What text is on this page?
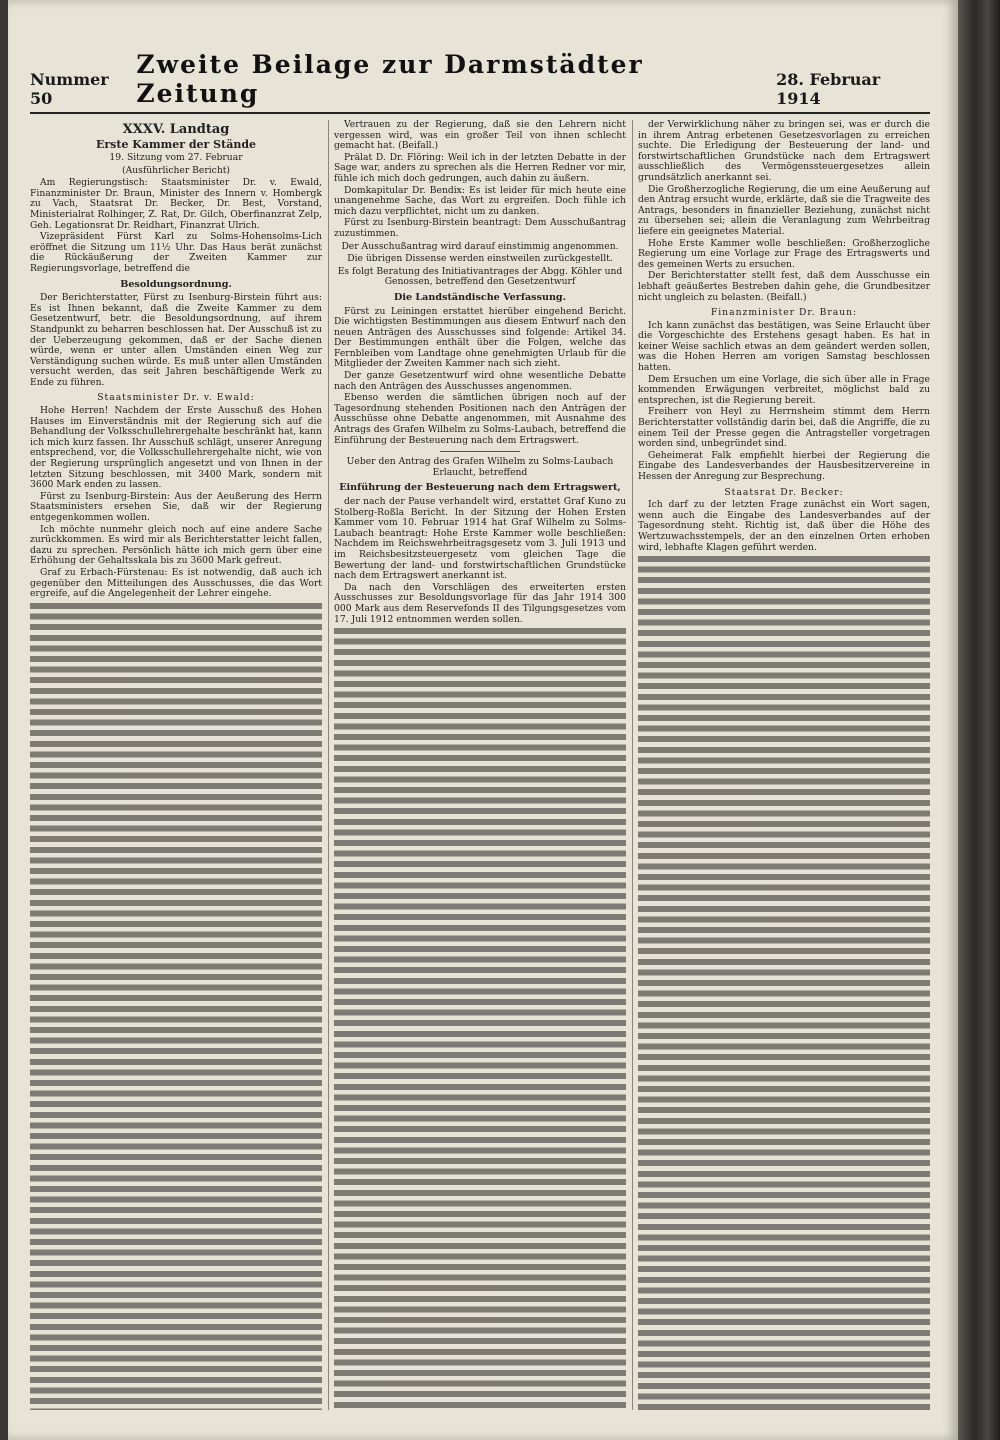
Nummer 50
Zweite Beilage zur Darmstädter Zeitung	28. Februar 1914
XXXV. Landtag
Erste Kammer der Stände
19. Sitzung vom 27. Februar
(Ausführlicher Bericht)

Am Regierungstisch: Staatsminister Dr. v. Ewald, Finanzminister Dr. Braun, Minister des Innern v. Hombergk zu Vach, Staatsrat Dr. Becker, Dr. Best, Vorstand, Ministerialrat Rolhinger, Z. Rat, Dr. Gilch, Oberfinanzrat Zelp, Geh. Legationsrat Dr. Reidhart, Finanzrat Ulrich.

Vizepräsident Fürst Karl zu Solms-Hohensolms-Lich eröffnet die Sitzung um 11½ Uhr. Das Haus berät zunächst die Rückäußerung der Zweiten Kammer zur Regierungsvorlage, betreffend die

Besoldungsordnung.

Der Berichterstatter, Fürst zu Isenburg-Birstein führt aus: Es ist Ihnen bekannt, daß die Zweite Kammer zu dem Gesetzentwurf, betr. die Besoldungsordnung, auf ihrem Standpunkt zu beharren beschlossen hat. Der Ausschuß ist zu der Ueberzeugung gekommen, daß er der Sache dienen würde, wenn er unter allen Umständen einen Weg zur Verständigung suchen würde. Es muß unter allen Umständen versucht werden, das seit Jahren beschäftigende Werk zu Ende zu führen.

Staatsminister Dr. v. Ewald:

Hohe Herren! Nachdem der Erste Ausschuß des Hohen Hauses im Einverständnis mit der Regierung sich auf die Behandlung der Volksschullehrergehalte beschränkt hat, kann ich mich kurz fassen. Ihr Ausschuß schlägt, unserer Anregung entsprechend, vor, die Volksschullehrergehalte nicht, wie von der Regierung ursprünglich angesetzt und von Ihnen in der letzten Sitzung beschlossen, mit 3400 Mark, sondern mit 3600 Mark enden zu lassen.

Fürst zu Isenburg-Birstein: Aus der Aeußerung des Herrn Staatsministers ersehen Sie, daß wir der Regierung entgegenkommen wollen.

Ich möchte nunmehr gleich noch auf eine andere Sache zurückkommen. Es wird mir als Berichterstatter leicht fallen, dazu zu sprechen. Persönlich hätte ich mich gern über eine Erhöhung der Gehaltsskala bis zu 3600 Mark gefreut.

Graf zu Erbach-Fürstenau: Es ist notwendig, daß auch ich gegenüber den Mitteilungen des Ausschusses, die das Wort ergreife, auf die Angelegenheit der Lehrer eingehe.

Vertrauen zu der Regierung, daß sie den Lehrern nicht vergessen wird, was ein großer Teil von ihnen schlecht gemacht hat. (Beifall.)

Prälat D. Dr. Flöring: Weil ich in der letzten Debatte in der Sage war, anders zu sprechen als die Herren Redner vor mir, fühle ich mich doch gedrungen, auch dahin zu äußern.

Domkapitular Dr. Bendix: Es ist leider für mich heute eine unangenehme Sache, das Wort zu ergreifen. Doch fühle ich mich dazu verpflichtet, nicht um zu danken.

Fürst zu Isenburg-Birstein beantragt: Dem Ausschußantrag zuzustimmen.

Der Ausschußantrag wird darauf einstimmig angenommen.
Die übrigen Dissense werden einstweilen zurückgestellt.
Es folgt Beratung des Initiativantrages der Abgg. Köhler und Genossen, betreffend den Gesetzentwurf
Die Landständische Verfassung.

Fürst zu Leiningen erstattet hierüber eingehend Bericht. Die wichtigsten Bestimmungen aus diesem Entwurf nach den neuen Anträgen des Ausschusses sind folgende: Artikel 34. Der Bestimmungen enthält über die Folgen, welche das Fernbleiben vom Landtage ohne genehmigten Urlaub für die Mitglieder der Zweiten Kammer nach sich zieht.

Der ganze Gesetzentwurf wird ohne wesentliche Debatte nach den Anträgen des Ausschusses angenommen.

Ebenso werden die sämtlichen übrigen noch auf der Tagesordnung stehenden Positionen nach den Anträgen der Ausschüsse ohne Debatte angenommen, mit Ausnahme des Antrags des Grafen Wilhelm zu Solms-Laubach, betreffend die Einführung der Besteuerung nach dem Ertragswert.

Ueber den Antrag des Grafen Wilhelm zu Solms-Laubach Erlaucht, betreffend
Einführung der Besteuerung nach dem Ertragswert,

der nach der Pause verhandelt wird, erstattet Graf Kuno zu Stolberg-Roßla Bericht. In der Sitzung der Hohen Ersten Kammer vom 10. Februar 1914 hat Graf Wilhelm zu Solms-Laubach beantragt: Hohe Erste Kammer wolle beschließen: Nachdem im Reichswehrbeitragsgesetz vom 3. Juli 1913 und im Reichsbesitzsteuergesetz vom gleichen Tage die Bewertung der land- und forstwirtschaftlichen Grundstücke nach dem Ertragswert anerkannt ist.

Da nach den Vorschlägen des erweiterten ersten Ausschusses zur Besoldungsvorlage für das Jahr 1914 300 000 Mark aus dem Reservefonds II des Tilgungsgesetzes vom 17. Juli 1912 entnommen werden sollen.

der Verwirklichung näher zu bringen sei, was er durch die in ihrem Antrag erbetenen Gesetzesvorlagen zu erreichen suchte. Die Erledigung der Besteuerung der land- und forstwirtschaftlichen Grundstücke nach dem Ertragswert ausschließlich des Vermögenssteuergesetzes allein grundsätzlich anerkannt sei.

Die Großherzogliche Regierung, die um eine Aeußerung auf den Antrag ersucht wurde, erklärte, daß sie die Tragweite des Antrags, besonders in finanzieller Beziehung, zunächst nicht zu übersehen sei; allein die Veranlagung zum Wehrbeitrag liefere ein geeignetes Material.

Hohe Erste Kammer wolle beschließen: Großherzogliche Regierung um eine Vorlage zur Frage des Ertragswerts und des gemeinen Werts zu ersuchen.

Der Berichterstatter stellt fest, daß dem Ausschusse ein lebhaft geäußertes Bestreben dahin gehe, die Grundbesitzer nicht ungleich zu belasten. (Beifall.)

Finanzminister Dr. Braun:

Ich kann zunächst das bestätigen, was Seine Erlaucht über die Vorgeschichte des Erstehens gesagt haben. Es hat in keiner Weise sachlich etwas an dem geändert werden sollen, was die Hohen Herren am vorigen Samstag beschlossen hatten.

Dem Ersuchen um eine Vorlage, die sich über alle in Frage kommenden Erwägungen verbreitet, möglichst bald zu entsprechen, ist die Regierung bereit.

Freiherr von Heyl zu Herrnsheim stimmt dem Herrn Berichterstatter vollständig darin bei, daß die Angriffe, die zu einem Teil der Presse gegen die Antragsteller vorgetragen worden sind, unbegründet sind.

Geheimerat Falk empfiehlt hierbei der Regierung die Eingabe des Landesverbandes der Hausbesitzervereine in Hessen der Anregung zur Besprechung.

Staatsrat Dr. Becker:

Ich darf zu der letzten Frage zunächst ein Wort sagen, wenn auch die Eingabe des Landesverbandes auf der Tagesordnung steht. Richtig ist, daß über die Höhe des Wertzuwachsstempels, der an den einzelnen Orten erhoben wird, lebhafte Klagen geführt werden.
